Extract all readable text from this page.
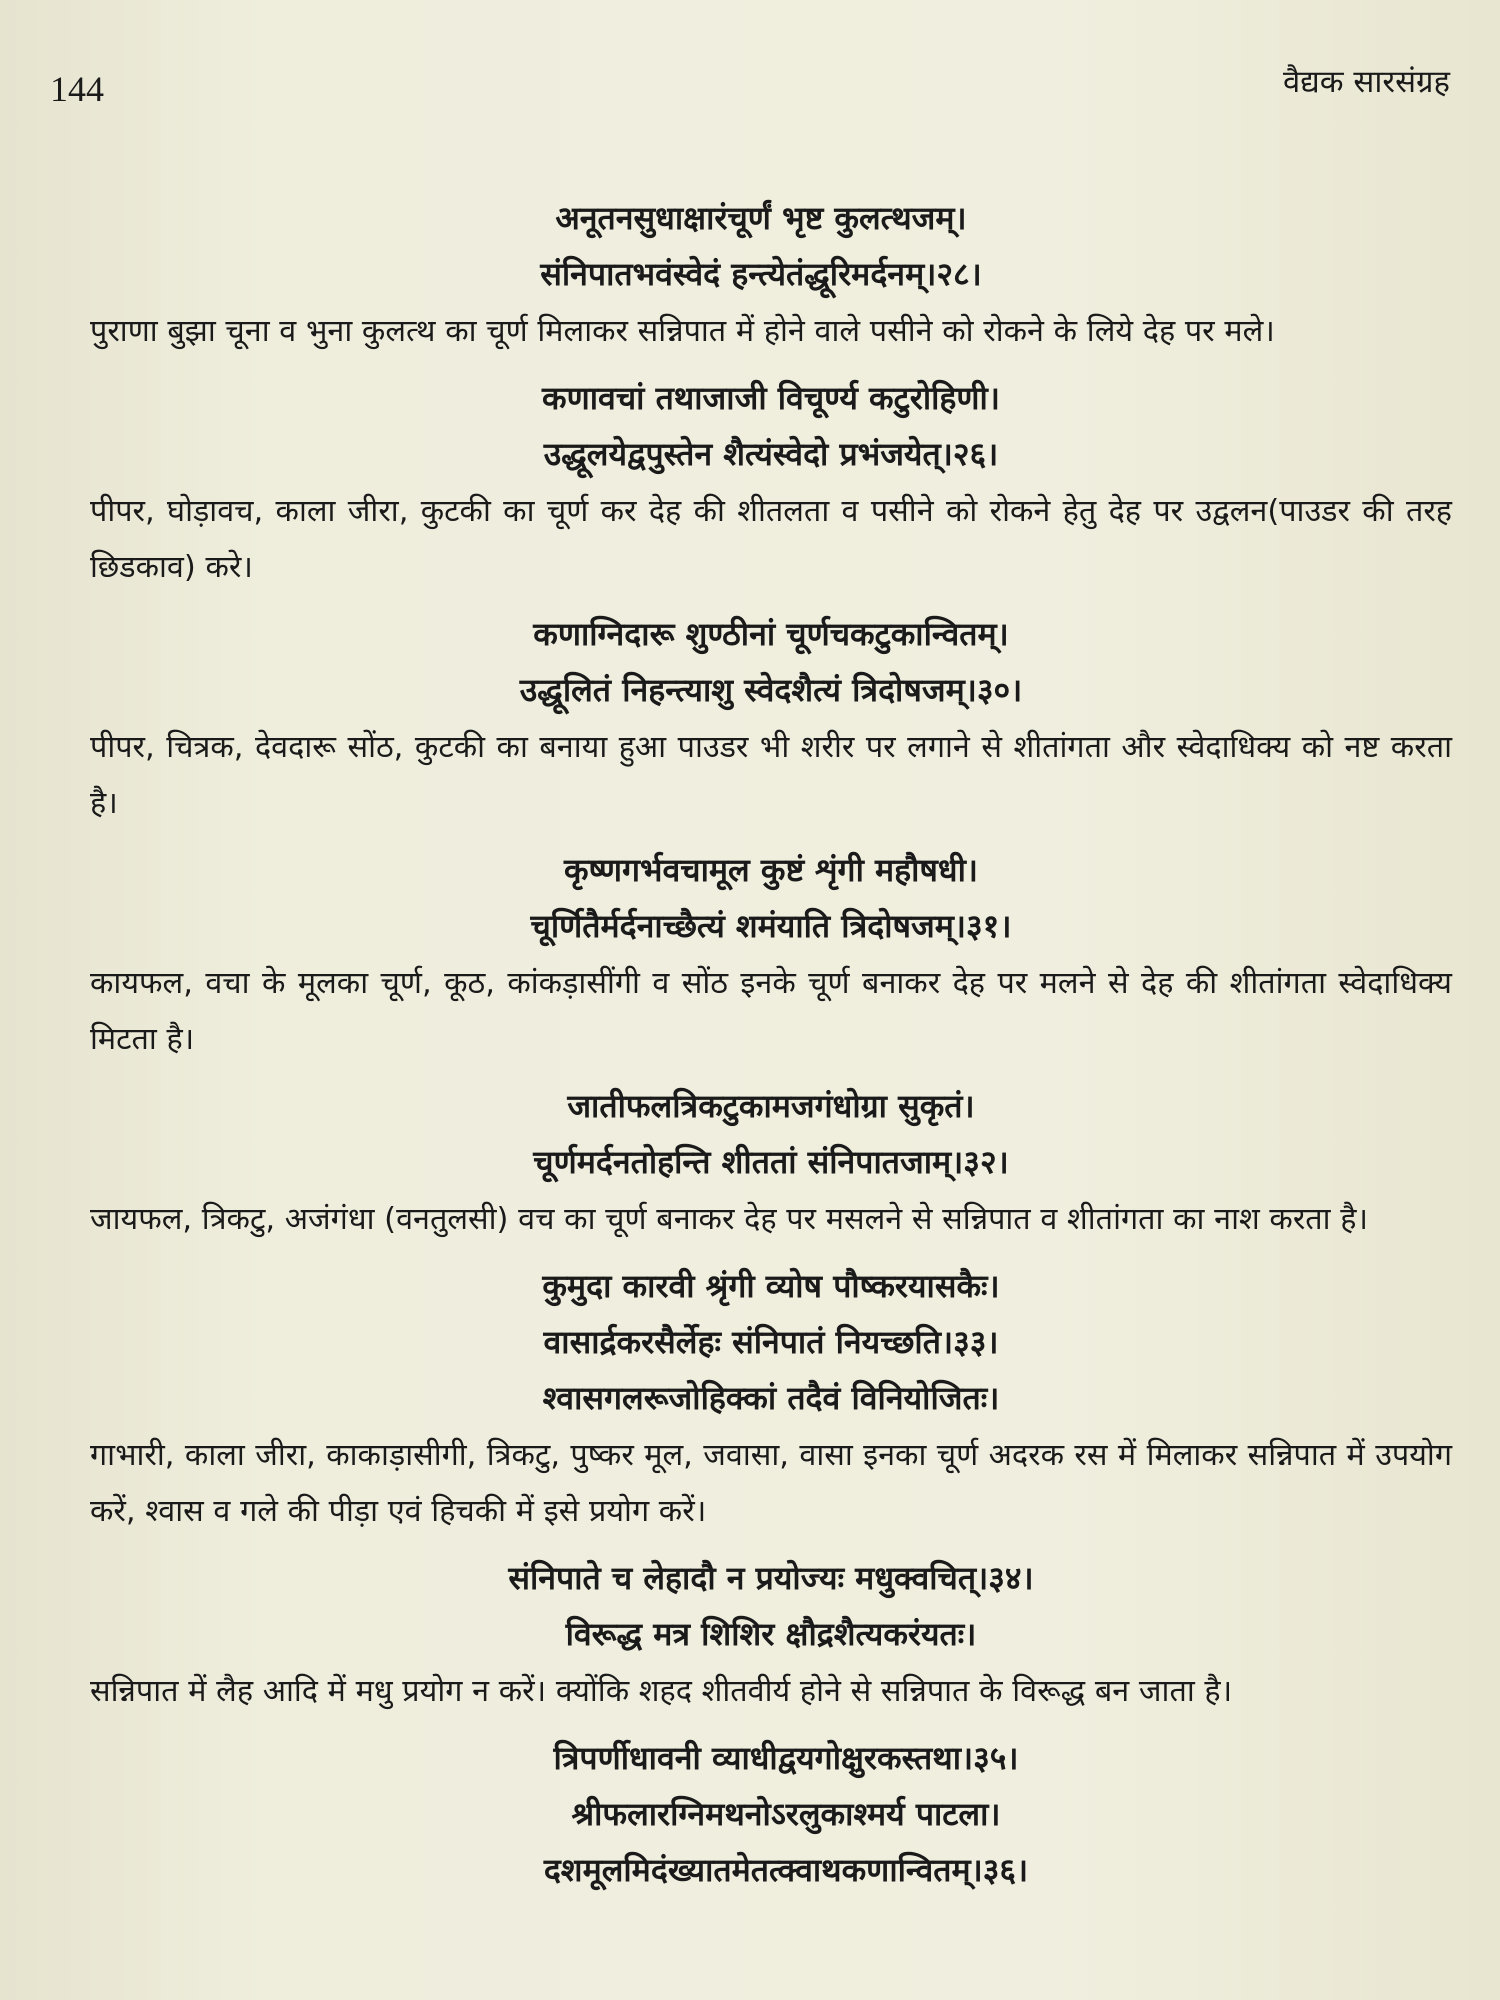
144	वैद्यक सारसंग्रह
अनूतनसुधाक्षारंचूर्णं भृष्ट कुलत्थजम्।
संनिपातभवंस्वेदं हन्त्येतंद्धूरिमर्दनम्।२८।
पुराणा बुझा चूना व भुना कुलत्थ का चूर्ण मिलाकर सन्निपात में होने वाले पसीने को रोकने के लिये देह पर मले।
कणावचां तथाजाजी विचूर्ण्य कटुरोहिणी।
उद्धूलयेद्वपुस्तेन शैत्यंस्वेदो प्रभंजयेत्।२६।
पीपर, घोड़ावच, काला जीरा, कुटकी का चूर्ण कर देह की शीतलता व पसीने को रोकने हेतु देह पर उद्वलन(पाउडर की तरह छिडकाव) करे।
कणाग्निदारू शुण्ठीनां चूर्णचकटुकान्वितम्।
उद्धूलितं निहन्त्याशु स्वेदशैत्यं त्रिदोषजम्।३०।
पीपर, चित्रक, देवदारू सोंठ, कुटकी का बनाया हुआ पाउडर भी शरीर पर लगाने से शीतांगता और स्वेदाधिक्य को नष्ट करता है।
कृष्णगर्भवचामूल कुष्टं शृंगी महौषधी।
चूर्णितैर्मर्दनाच्छैत्यं शमंयाति त्रिदोषजम्।३१।
कायफल, वचा के मूलका चूर्ण, कूठ, कांकड़ासींगी व सोंठ इनके चूर्ण बनाकर देह पर मलने से देह की शीतांगता स्वेदाधिक्य मिटता है।
जातीफलत्रिकटुकामजगंधोग्रा सुकृतं।
चूर्णमर्दनतोहन्ति शीततां संनिपातजाम्।३२।
जायफल, त्रिकटु, अजंगंधा (वनतुलसी) वच का चूर्ण बनाकर देह पर मसलने से सन्निपात व शीतांगता का नाश करता है।
कुमुदा कारवी श्रृंगी व्योष पौष्करयासकैः।
वासार्द्रकरसैर्लेहः संनिपातं नियच्छति।३३।
श्वासगलरूजोहिक्कां तदैवं विनियोजितः।
गाभारी, काला जीरा, काकाड़ासीगी, त्रिकटु, पुष्कर मूल, जवासा, वासा इनका चूर्ण अदरक रस में मिलाकर सन्निपात में उपयोग करें, श्वास व गले की पीड़ा एवं हिचकी में इसे प्रयोग करें।
संनिपाते च लेहादौ न प्रयोज्यः मधुक्वचित्।३४।
विरूद्ध मत्र शिशिर क्षौद्रशैत्यकरंयतः।
सन्निपात में लैह आदि में मधु प्रयोग न करें। क्योंकि शहद शीतवीर्य होने से सन्निपात के विरूद्ध बन जाता है।
त्रिपर्णीधावनी व्याधीद्वयगोक्षुरकस्तथा।३५।
श्रीफलारग्निमथनोऽरलुकाश्मर्य पाटला।
दशमूलमिदंख्यातमेतत्क्वाथकणान्वितम्।३६।
